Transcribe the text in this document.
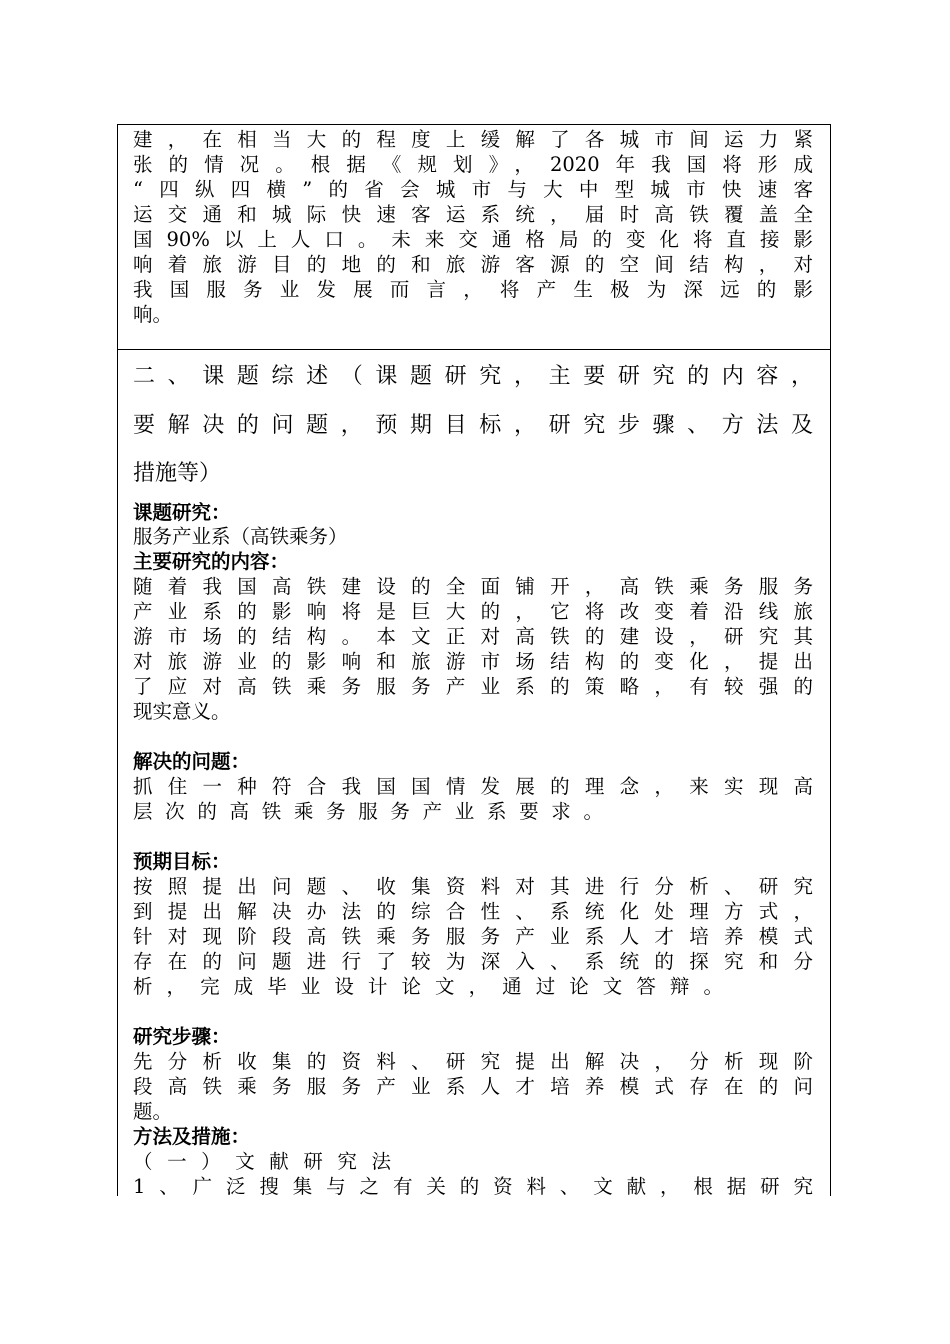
建，在相当大的程度上缓解了各城市间运力紧
张的情况。根据《规划》，2020年我国将形成
“四纵四横”的省会城市与大中型城市快速客
运交通和城际快速客运系统，届时高铁覆盖全
国90%以上人口。未来交通格局的变化将直接影
响着旅游目的地的和旅游客源的空间结构，对
我国服务业发展而言，将产生极为深远的影
响。
二、课题综述（课题研究，主要研究的内容，
要解决的问题，预期目标，研究步骤、方法及
措施等）
课题研究：
服务产业系（高铁乘务）
主要研究的内容：
随着我国高铁建设的全面铺开，高铁乘务服务
产业系的影响将是巨大的，它将改变着沿线旅
游市场的结构。本文正对高铁的建设，研究其
对旅游业的影响和旅游市场结构的变化，提出
了应对高铁乘务服务产业系的策略，有较强的
现实意义。
解决的问题：
抓住一种符合我国国情发展的理念，来实现高
层次的高铁乘务服务产业系要求。
预期目标：
按照提出问题、收集资料对其进行分析、研究
到提出解决办法的综合性、系统化处理方式，
针对现阶段高铁乘务服务产业系人才培养模式
存在的问题进行了较为深入、系统的探究和分
析，完成毕业设计论文，通过论文答辩。
研究步骤：
先分析收集的资料、研究提出解决，分析现阶
段高铁乘务服务产业系人才培养模式存在的问
题。
方法及措施：
（一）文献研究法
1、广泛搜集与之有关的资料、文献，根据研究
